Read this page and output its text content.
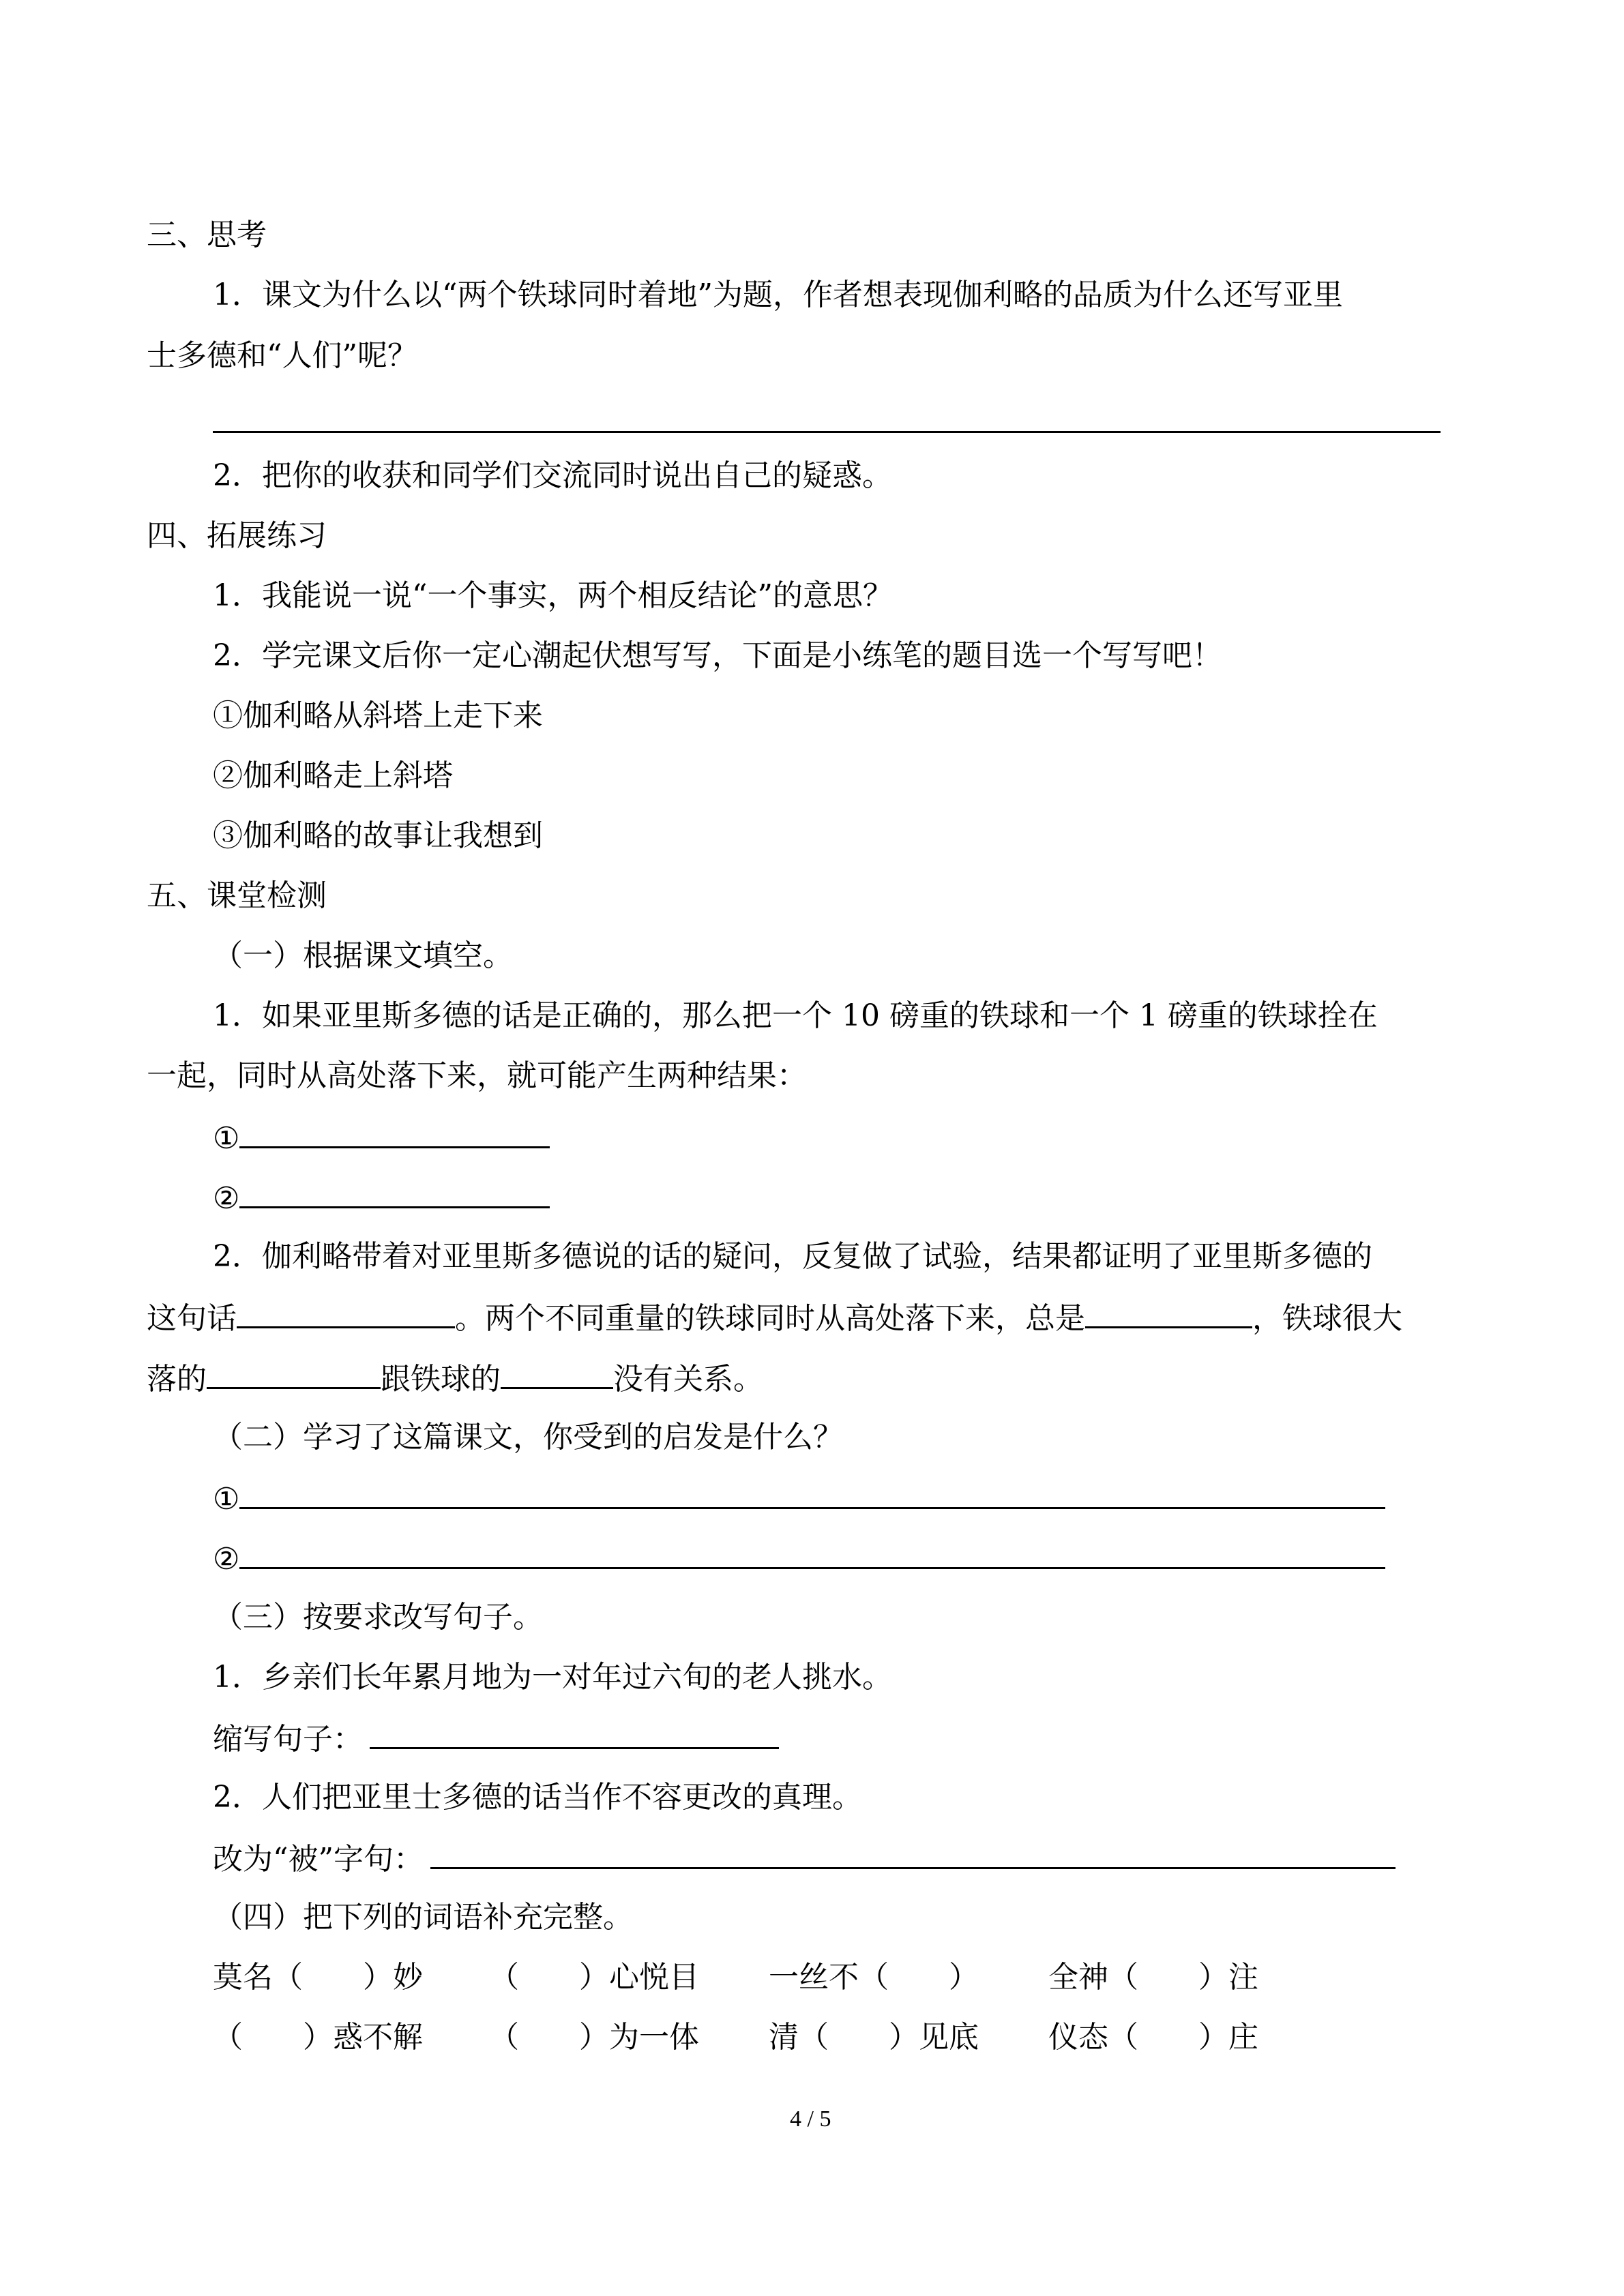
三、思考
1．课文为什么以“两个铁球同时着地”为题，作者想表现伽利略的品质为什么还写亚里
士多德和“人们”呢？
2．把你的收获和同学们交流同时说出自己的疑惑。
四、拓展练习
1．我能说一说“一个事实，两个相反结论”的意思？
2．学完课文后你一定心潮起伏想写写，下面是小练笔的题目选一个写写吧！
①伽利略从斜塔上走下来
②伽利略走上斜塔
③伽利略的故事让我想到
五、课堂检测
（一）根据课文填空。
1．如果亚里斯多德的话是正确的，那么把一个 10 磅重的铁球和一个 1 磅重的铁球拴在
一起，同时从高处落下来，就可能产生两种结果：
①
②
2．伽利略带着对亚里斯多德说的话的疑问，反复做了试验，结果都证明了亚里斯多德的
这句话	。两个不同重量的铁球同时从高处落下来，总是	，铁球很大
落的	跟铁球的	没有关系。
（二）学习了这篇课文，你受到的启发是什么？
①
②
（三）按要求改写句子。
1．乡亲们长年累月地为一对年过六旬的老人挑水。
缩写句子：
2．人们把亚里士多德的话当作不容更改的真理。
改为“被”字句：
（四）把下列的词语补充完整。
莫名（　　）妙 （　　）心悦目 一丝不（　　） 全神（　　）注
（　　）惑不解 （　　）为一体 清（　　）见底 仪态（　　）庄
4 / 5
